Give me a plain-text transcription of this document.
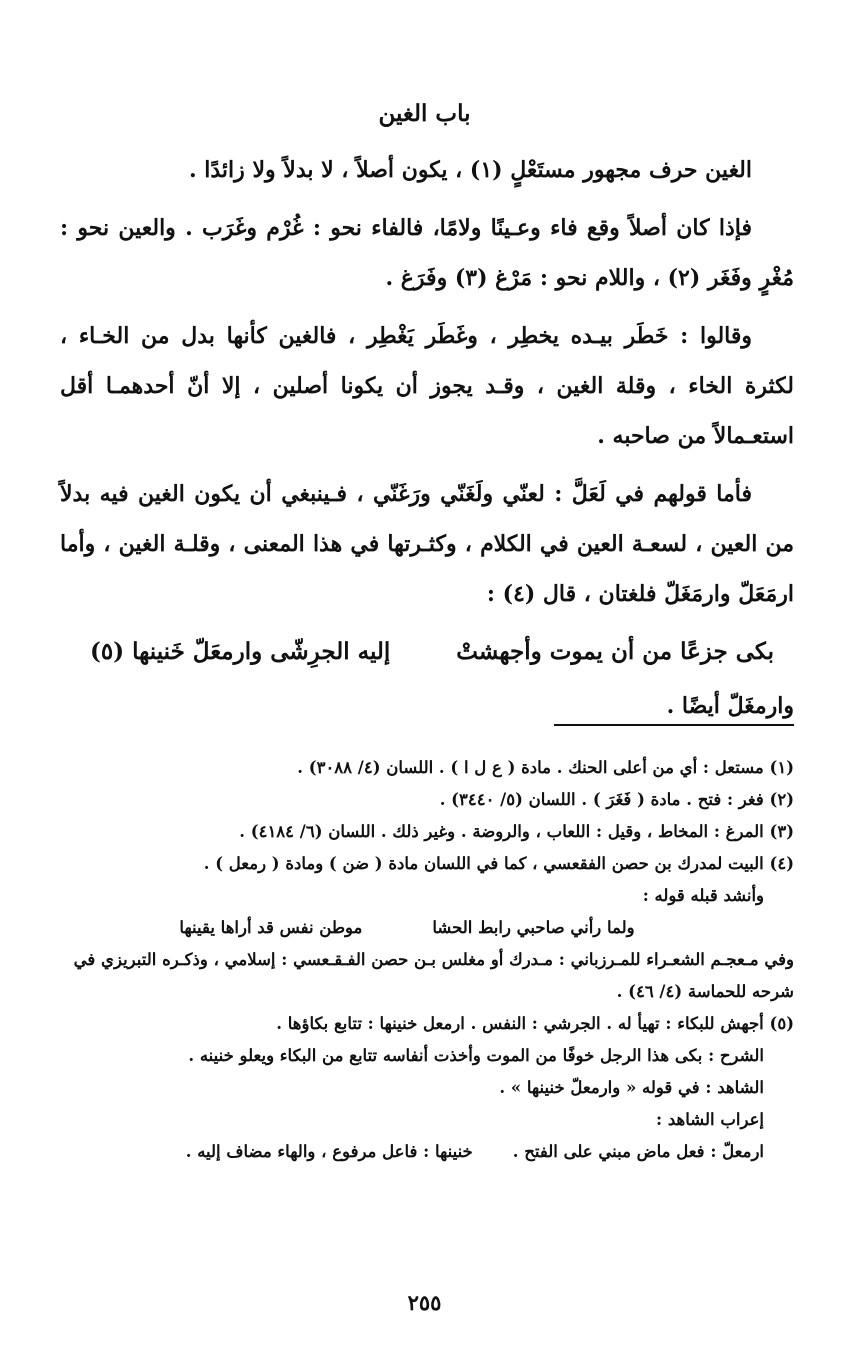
باب الغين

الغين حرف مجهور مستَعْلٍ (١) ، يكون أصلاً ، لا بدلاً ولا زائدًا .

فإذا كان أصلاً وقع فاء وعـينًا ولامًا، فالفاء نحو : غُرْم وغَرَب . والعين نحو : مُغْرٍ وفَغَر (٢) ، واللام نحو : مَرْغ (٣) وفَرَغ .

وقالوا : خَطَر بيـده يخطِر ، وغَطَر يَغْطِر ، فالغين كأنها بدل من الخـاء ، لكثرة الخاء ، وقلة الغين ، وقـد يجوز أن يكونا أصلين ، إلا أنّ أحدهمـا أقل استعـمالاً من صاحبه .

فأما قولهم في لَعَلَّ : لعنّي ولَغَنّي ورَغَنّي ، فـينبغي أن يكون الغين فيه بدلاً من العين ، لسعـة العين في الكلام ، وكثـرتها في هذا المعنى ، وقلـة الغين ، وأما ارمَعَلّ وارمَغَلّ فلغتان ، قال (٤) :

بكى جزعًا من أن يموت وأجهشتْ
إليه الجرِشّى وارمعَلّ خَنينها (٥)

وارمغَلّ أيضًا .

(١) مستعل : أي من أعلى الحنك . مادة ( ع ل ا ) . اللسان (٤/ ٣٠٨٨) .

(٢) فغر : فتح . مادة ( فَغَرَ ) . اللسان (٥/ ٣٤٤٠) .

(٣) المرغ : المخاط ، وقيل : اللعاب ، والروضة . وغير ذلك . اللسان (٦/ ٤١٨٤) .

(٤) البيت لمدرك بن حصن الفقعسي ، كما في اللسان مادة ( ضن ) ومادة ( رمعل ) .

وأنشد قبله قوله :

ولما رأني صاحبي رابط الحشا
موطن نفس قد أراها يقينها

وفي مـعجـم الشعـراء للمـرزباني : مـدرك أو مغلس بـن حصن الفـقـعسي : إسلامي ، وذكـره التبريزي في شرحه للحماسة (٤/ ٤٦) .

(٥) أجهش للبكاء : تهيأ له . الجرشي : النفس . ارمعل خنينها : تتابع بكاؤها .

الشرح : بكى هذا الرجل خوفًا من الموت وأخذت أنفاسه تتابع من البكاء ويعلو خنينه .

الشاهد : في قوله « وارمعلّ خنينها » .

إعراب الشاهد :

ارمعلّ : فعل ماض مبني على الفتح .
خنينها : فاعل مرفوع ، والهاء مضاف إليه .
٢٥٥
